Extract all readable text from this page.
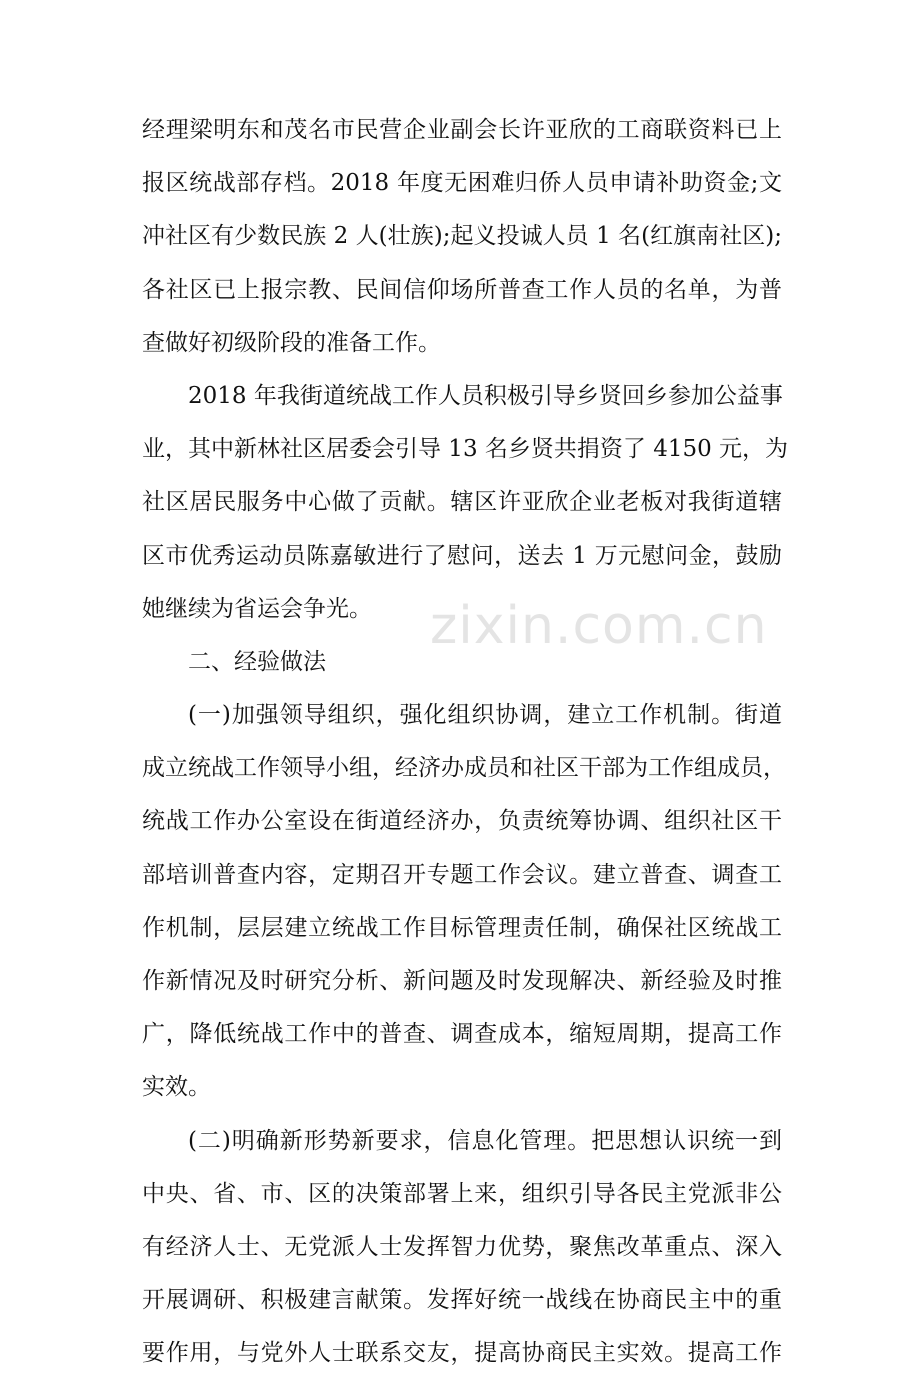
zixin.com.cn
经理梁明东和茂名市民营企业副会长许亚欣的工商联资料已上
报区统战部存档。2018 年度无困难归侨人员申请补助资金;文
冲社区有少数民族 2 人(壮族);起义投诚人员 1 名(红旗南社区);
各社区已上报宗教、民间信仰场所普查工作人员的名单，为普
查做好初级阶段的准备工作。
2018 年我街道统战工作人员积极引导乡贤回乡参加公益事
业，其中新林社区居委会引导 13 名乡贤共捐资了 4150 元，为
社区居民服务中心做了贡献。辖区许亚欣企业老板对我街道辖
区市优秀运动员陈嘉敏进行了慰问，送去 1 万元慰问金，鼓励
她继续为省运会争光。
二、经验做法
(一)加强领导组织，强化组织协调，建立工作机制。街道
成立统战工作领导小组，经济办成员和社区干部为工作组成员，
统战工作办公室设在街道经济办，负责统筹协调、组织社区干
部培训普查内容，定期召开专题工作会议。建立普查、调查工
作机制，层层建立统战工作目标管理责任制，确保社区统战工
作新情况及时研究分析、新问题及时发现解决、新经验及时推
广，降低统战工作中的普查、调查成本，缩短周期，提高工作
实效。
(二)明确新形势新要求，信息化管理。把思想认识统一到
中央、省、市、区的决策部署上来，组织引导各民主党派非公
有经济人士、无党派人士发挥智力优势，聚焦改革重点、深入
开展调研、积极建言献策。发挥好统一战线在协商民主中的重
要作用，与党外人士联系交友，提高协商民主实效。提高工作
